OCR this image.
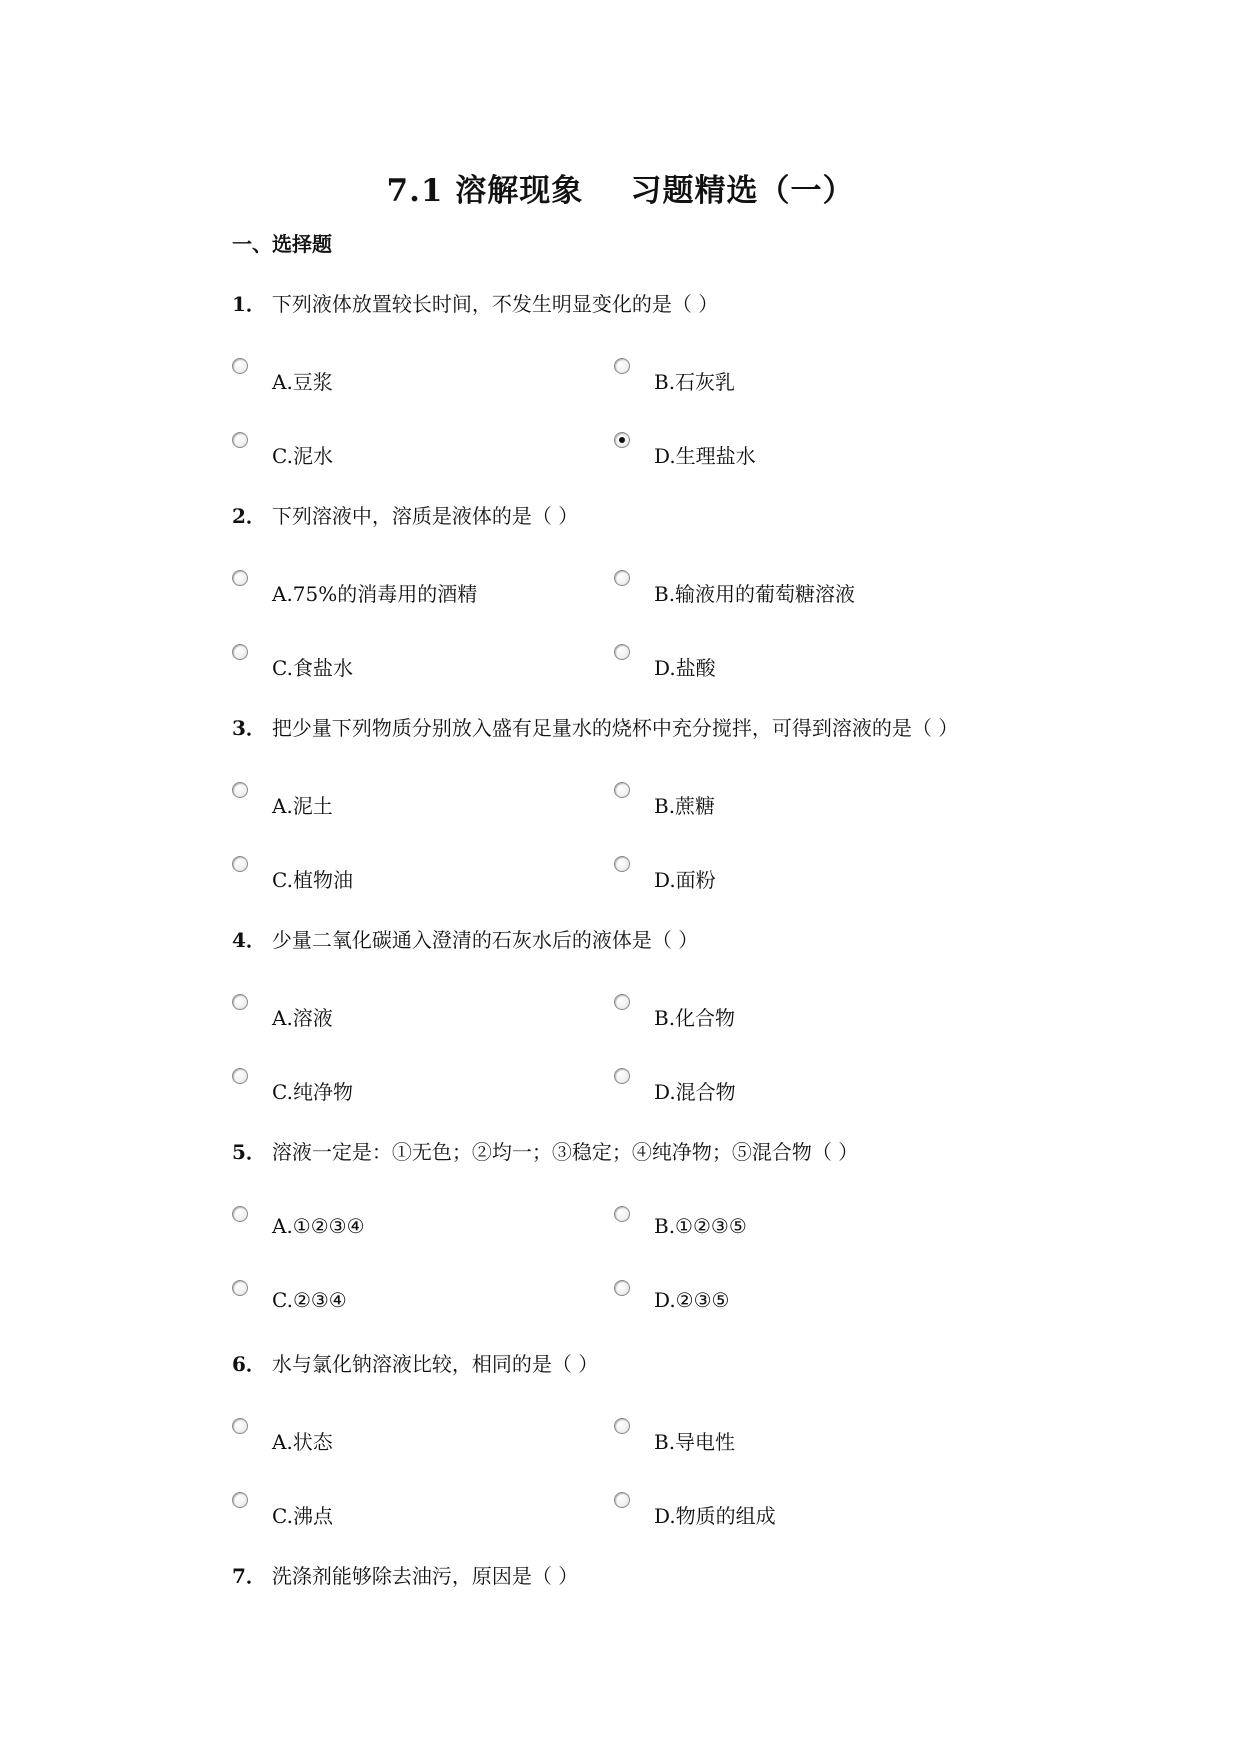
7.1 溶解现象    习题精选（一）
一、选择题
1． 下列液体放置较长时间，不发生明显变化的是（ ）
A.豆浆	B.石灰乳
C.泥水	D.生理盐水
2． 下列溶液中，溶质是液体的是（ ）
A.75%的消毒用的酒精	B.输液用的葡萄糖溶液
C.食盐水	D.盐酸
3． 把少量下列物质分别放入盛有足量水的烧杯中充分搅拌，可得到溶液的是（ ）
A.泥土	B.蔗糖
C.植物油	D.面粉
4． 少量二氧化碳通入澄清的石灰水后的液体是（ ）
A.溶液	B.化合物
C.纯净物	D.混合物
5． 溶液一定是：①无色；②均一；③稳定；④纯净物；⑤混合物（ ）
A.①②③④	B.①②③⑤
C.②③④	D.②③⑤
6． 水与氯化钠溶液比较，相同的是（ ）
A.状态	B.导电性
C.沸点	D.物质的组成
7． 洗涤剂能够除去油污，原因是（ ）
